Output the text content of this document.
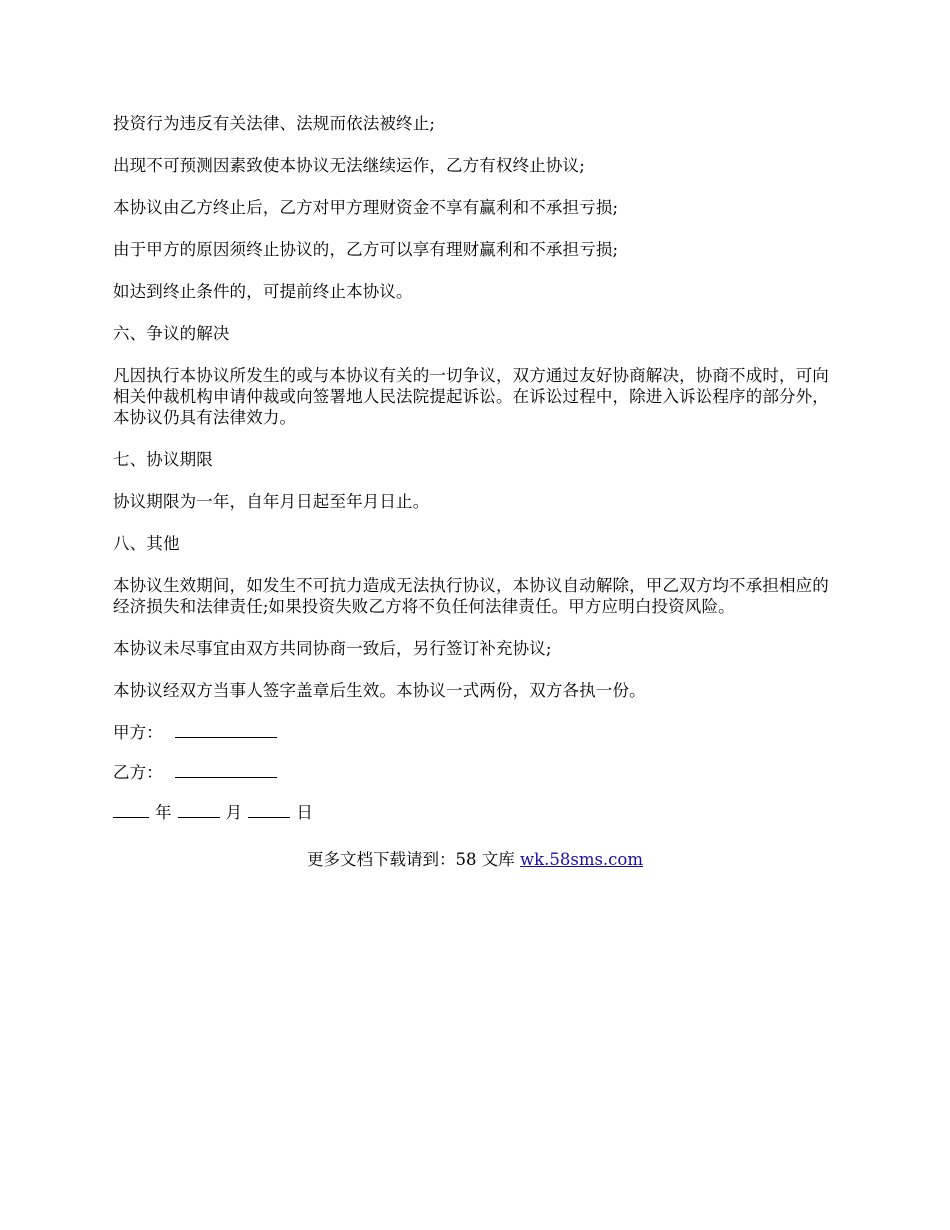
投资行为违反有关法律、法规而依法被终止;

出现不可预测因素致使本协议无法继续运作，乙方有权终止协议;

本协议由乙方终止后，乙方对甲方理财资金不享有赢利和不承担亏损;

由于甲方的原因须终止协议的，乙方可以享有理财赢利和不承担亏损;

如达到终止条件的，可提前终止本协议。

六、争议的解决

凡因执行本协议所发生的或与本协议有关的一切争议，双方通过友好协商解决，协商不成时，可向相关仲裁机构申请仲裁或向签署地人民法院提起诉讼。在诉讼过程中，除进入诉讼程序的部分外，本协议仍具有法律效力。

七、协议期限

协议期限为一年，自年月日起至年月日止。

八、其他

本协议生效期间，如发生不可抗力造成无法执行协议，本协议自动解除，甲乙双方均不承担相应的经济损失和法律责任;如果投资失败乙方将不负任何法律责任。甲方应明白投资风险。

本协议未尽事宜由双方共同协商一致后，另行签订补充协议;

本协议经双方当事人签字盖章后生效。本协议一式两份，双方各执一份。

甲方：

乙方：

年	月	日

更多文档下载请到：58 文库 wk.58sms.com
